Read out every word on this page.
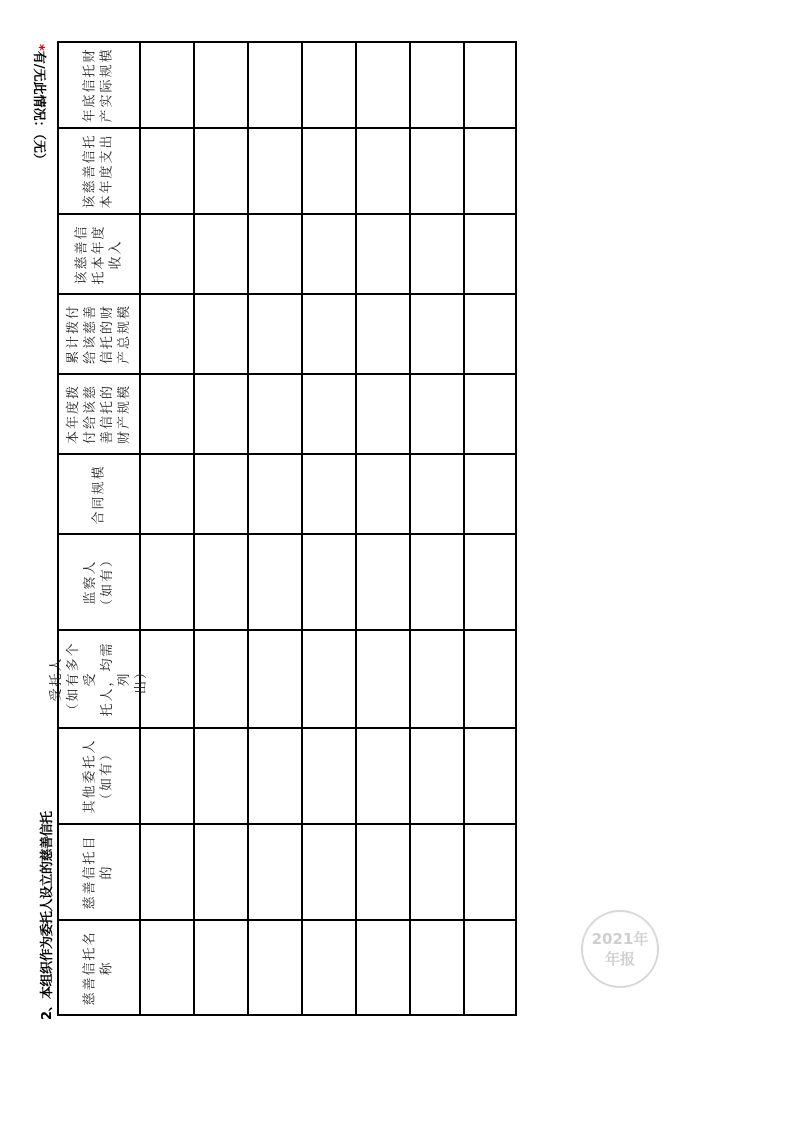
2、本组织作为委托人设立的慈善信托
*有/无此情况：（无）
慈善信托名
称
慈善信托目
的
其他委托人
（如有）
受托人
（如有多个受
托人，均需列
出）
监察人
（如有）
合同规模
本年度拨
付给该慈
善信托的
财产规模
累计拨付
给该慈善
信托的财
产总规模
该慈善信
托本年度
收入
该慈善信托
本年度支出
年底信托财
产实际规模
2021年
年报
